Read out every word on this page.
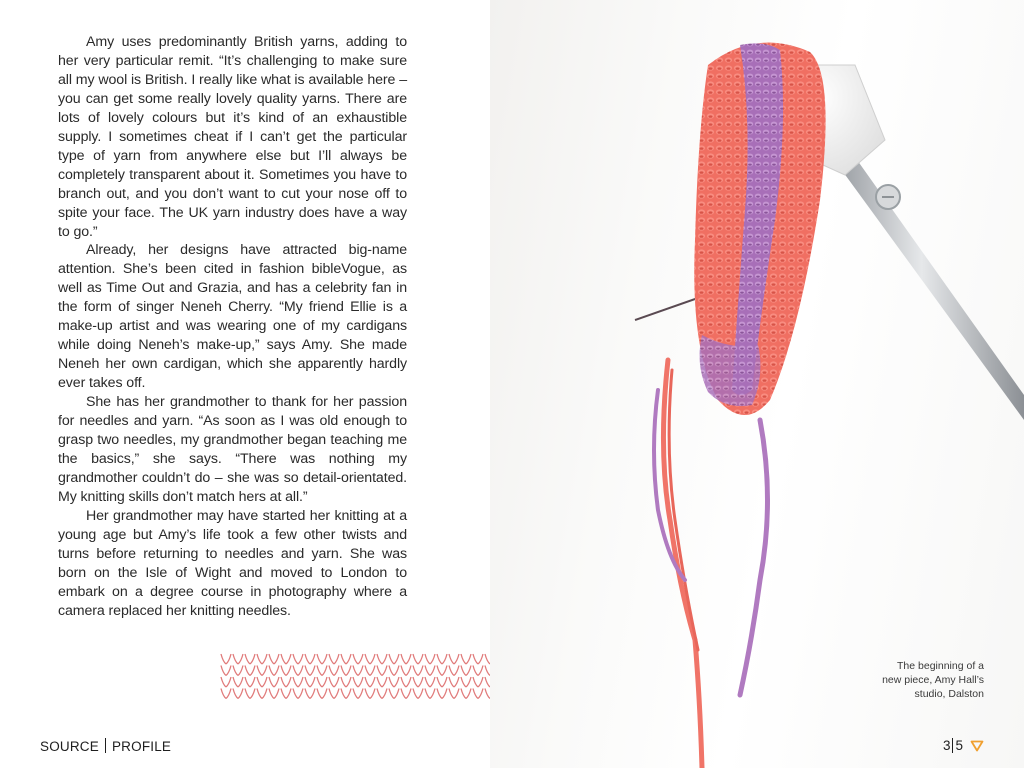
Amy uses predominantly British yarns, adding to her very particular remit. “It’s challenging to make sure all my wool is British. I really like what is available here – you can get some really lovely quality yarns. There are lots of lovely colours but it’s kind of an exhaustible supply. I sometimes cheat if I can’t get the particular type of yarn from anywhere else but I’ll always be completely transparent about it. Sometimes you have to branch out, and you don’t want to cut your nose off to spite your face. The UK yarn industry does have a way to go.”

Already, her designs have attracted big-name attention. She’s been cited in fashion bibleVogue, as well as Time Out and Grazia, and has a celebrity fan in the form of singer Neneh Cherry. “My friend Ellie is a make-up artist and was wearing one of my cardigans while doing Neneh’s make-up,” says Amy. She made Neneh her own cardigan, which she apparently hardly ever takes off.

She has her grandmother to thank for her passion for needles and yarn. “As soon as I was old enough to grasp two needles, my grandmother began teaching me the basics,” she says. “There was nothing my grandmother couldn’t do – she was so detail-orientated. My knitting skills don’t match hers at all.”

Her grandmother may have started her knitting at a young age but Amy’s life took a few other twists and turns before returning to needles and yarn. She was born on the Isle of Wight and moved to London to embark on a degree course in photography where a camera replaced her knitting needles.

The beginning of a
new piece, Amy Hall’s
studio, Dalston
SOURCE PROFILE	3 5
